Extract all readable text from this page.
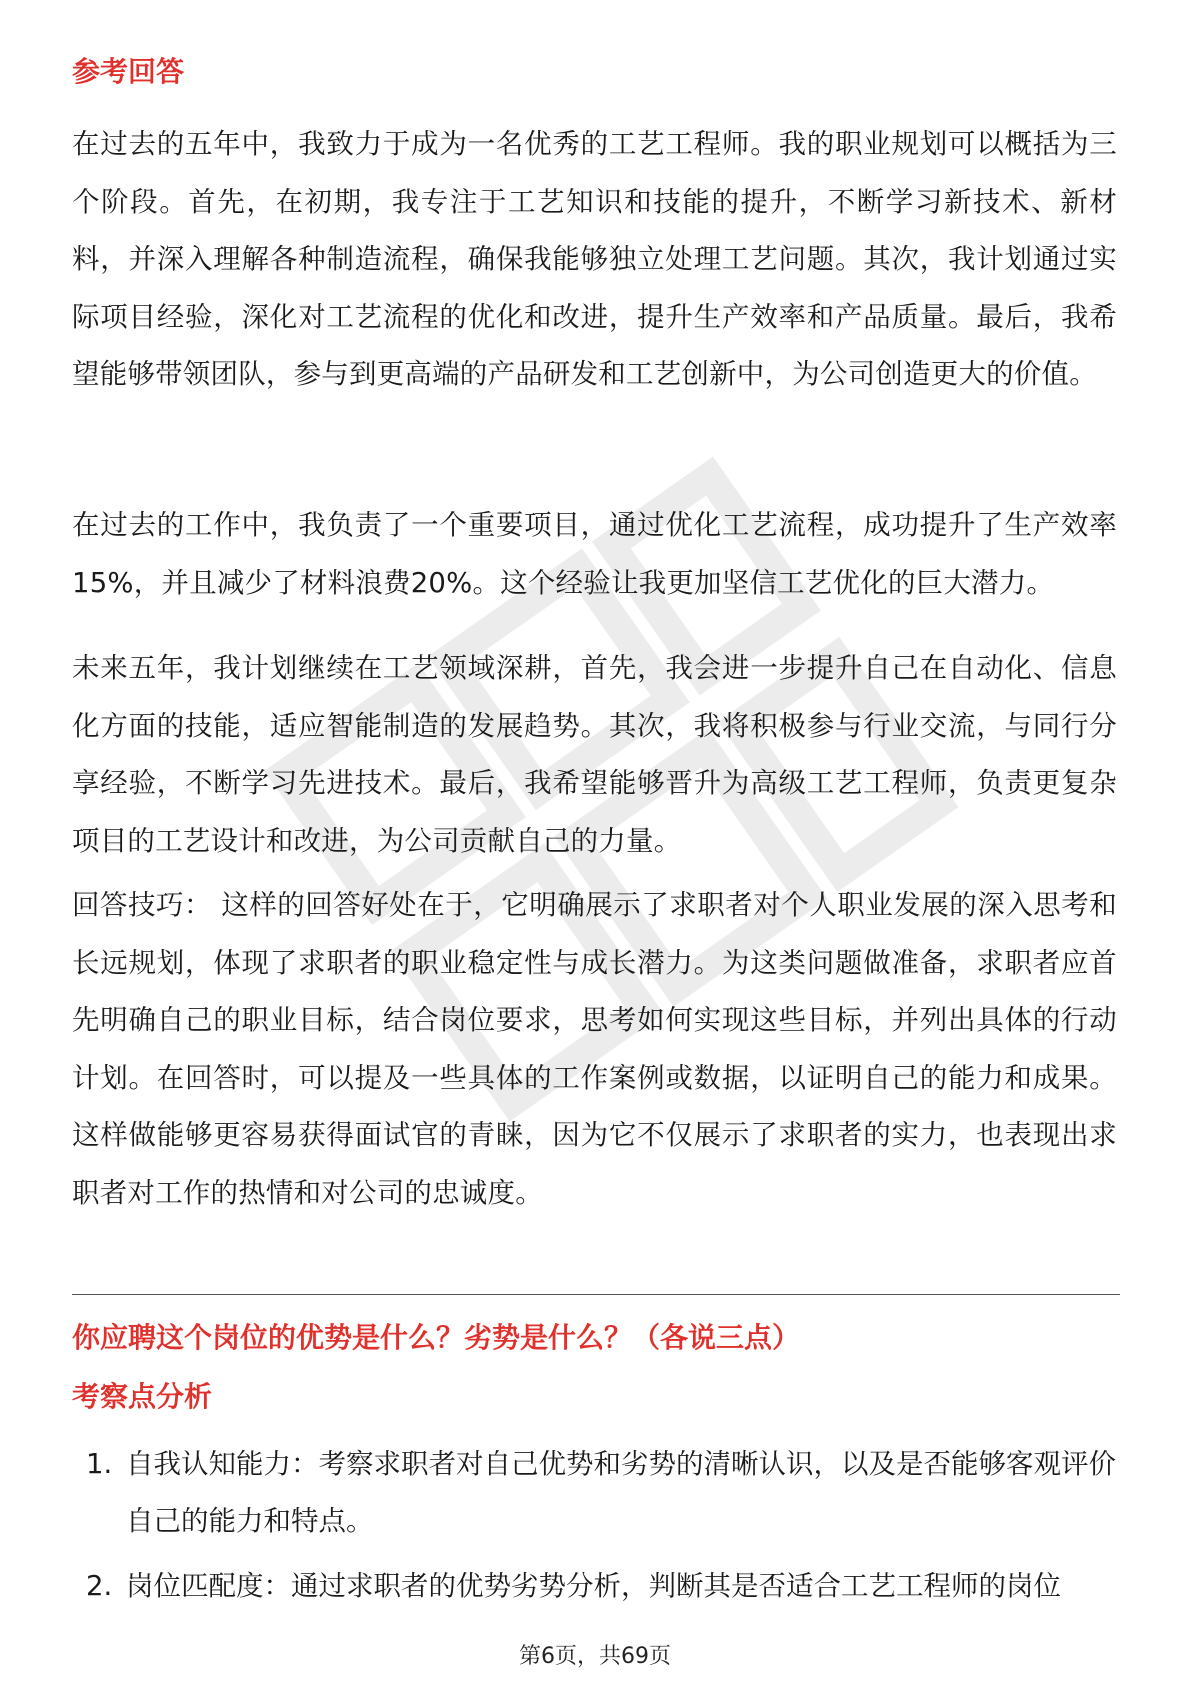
参考回答

在过去的五年中，我致力于成为一名优秀的工艺工程师。我的职业规划可以概括为三个阶段。首先，在初期，我专注于工艺知识和技能的提升，不断学习新技术、新材料，并深入理解各种制造流程，确保我能够独立处理工艺问题。其次，我计划通过实际项目经验，深化对工艺流程的优化和改进，提升生产效率和产品质量。最后，我希望能够带领团队，参与到更高端的产品研发和工艺创新中，为公司创造更大的价值。

在过去的工作中，我负责了一个重要项目，通过优化工艺流程，成功提升了生产效率15%，并且减少了材料浪费20%。这个经验让我更加坚信工艺优化的巨大潜力。

未来五年，我计划继续在工艺领域深耕，首先，我会进一步提升自己在自动化、信息化方面的技能，适应智能制造的发展趋势。其次，我将积极参与行业交流，与同行分享经验，不断学习先进技术。最后，我希望能够晋升为高级工艺工程师，负责更复杂项目的工艺设计和改进，为公司贡献自己的力量。

回答技巧： 这样的回答好处在于，它明确展示了求职者对个人职业发展的深入思考和长远规划，体现了求职者的职业稳定性与成长潜力。为这类问题做准备，求职者应首先明确自己的职业目标，结合岗位要求，思考如何实现这些目标，并列出具体的行动计划。在回答时，可以提及一些具体的工作案例或数据，以证明自己的能力和成果。这样做能够更容易获得面试官的青睐，因为它不仅展示了求职者的实力，也表现出求职者对工作的热情和对公司的忠诚度。

你应聘这个岗位的优势是什么？劣势是什么？（各说三点）
考察点分析
1. 自我认知能力：考察求职者对自己优势和劣势的清晰认识，以及是否能够客观评价自己的能力和特点。
2. 岗位匹配度：通过求职者的优势劣势分析，判断其是否适合工艺工程师的岗位
第6页，共69页
